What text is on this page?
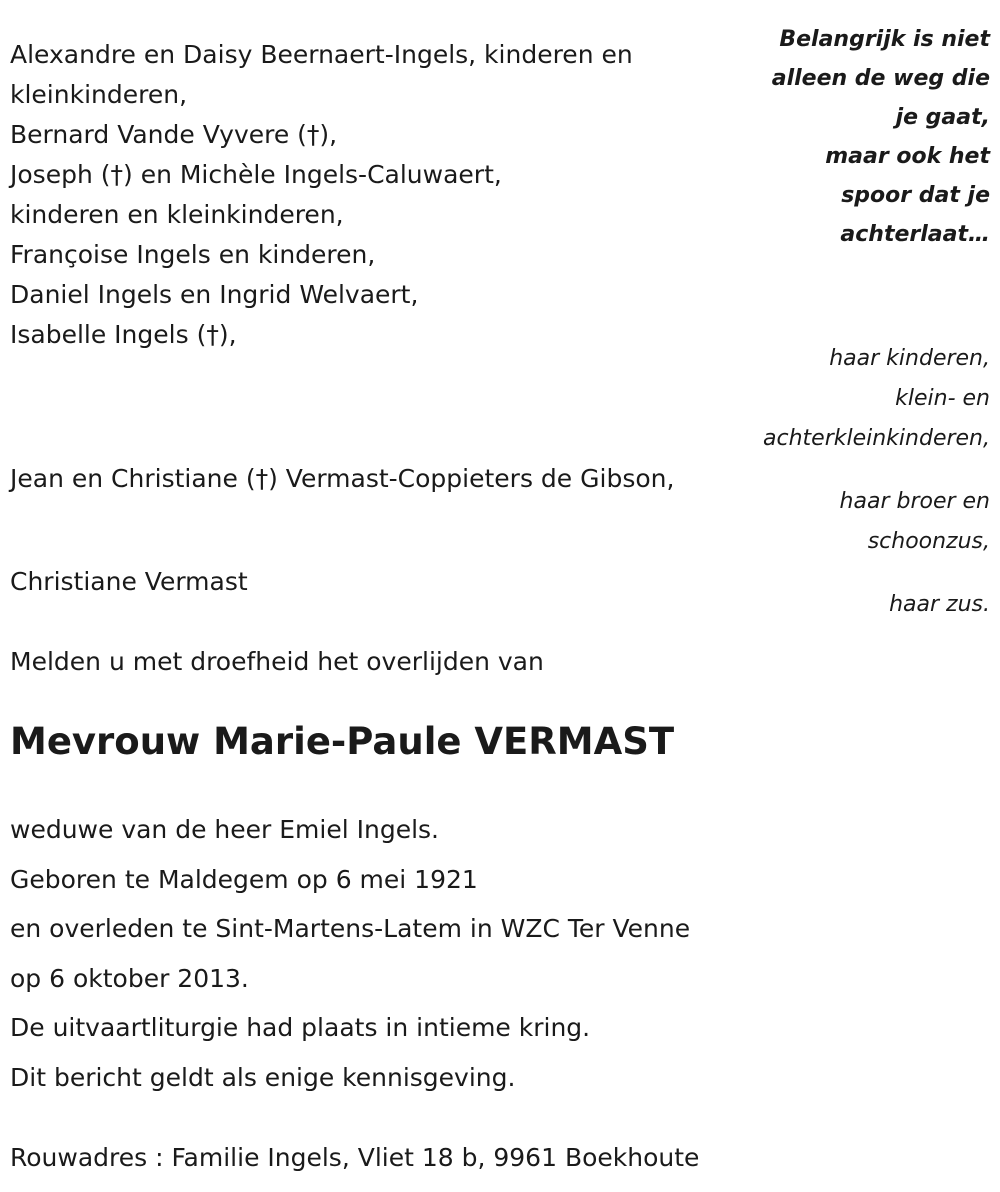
Alexandre en Daisy Beernaert-Ingels, kinderen en
kleinkinderen,
Bernard Vande Vyvere (†),
Joseph (†) en Michèle Ingels-Caluwaert,
kinderen en kleinkinderen,
Françoise Ingels en kinderen,
Daniel Ingels en Ingrid Welvaert,
Isabelle Ingels (†),
Belangrijk is niet
alleen de weg die
je gaat,
maar ook het
spoor dat je
achterlaat…
haar kinderen,
klein- en
achterkleinkinderen,
Jean en Christiane (†) Vermast-Coppieters de Gibson,
haar broer en
schoonzus,
Christiane Vermast
haar zus.
Melden u met droefheid het overlijden van
Mevrouw Marie-Paule VERMAST
weduwe van de heer Emiel Ingels.
Geboren te Maldegem op 6 mei 1921
en overleden te Sint-Martens-Latem in WZC Ter Venne
op 6 oktober 2013.
De uitvaartliturgie had plaats in intieme kring.
Dit bericht geldt als enige kennisgeving.
Rouwadres : Familie Ingels, Vliet 18 b, 9961 Boekhoute
